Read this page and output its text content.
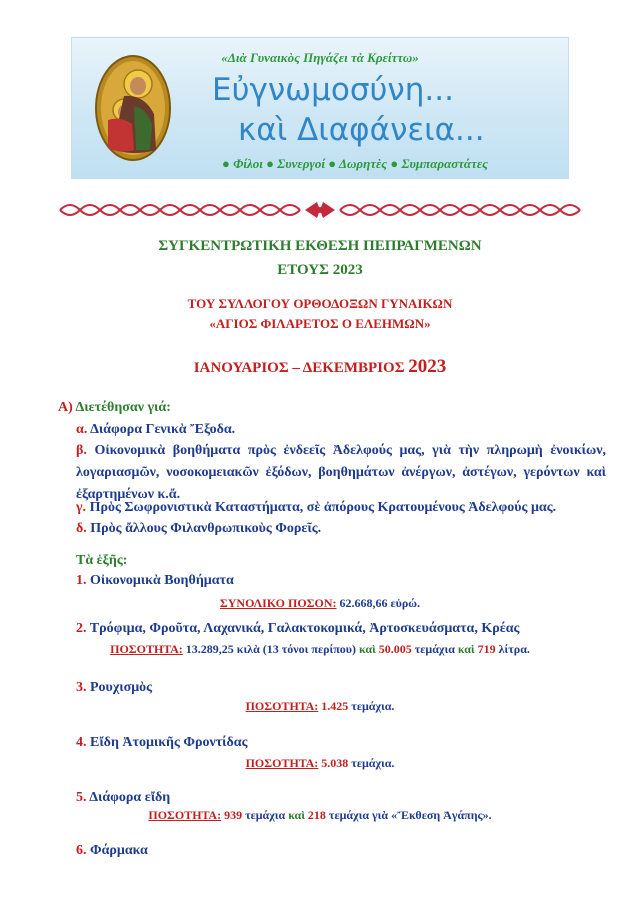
«Διὰ Γυναικὸς Πηγάζει τὰ Κρείττω»
Εὐγνωμοσύνη...
καὶ Διαφάνεια...
● Φίλοι ● Συνεργοί ● Δωρητὲς ● Συμπαραστάτες
ΣΥΓΚΕΝΤΡΩΤΙΚΗ ΕΚΘΕΣΗ ΠΕΠΡΑΓΜΕΝΩΝ
ΕΤΟΥΣ 2023
ΤΟΥ ΣΥΛΛΟΓΟΥ ΟΡΘΟΔΟΞΩΝ ΓΥΝΑΙΚΩΝ
«ΑΓΙΟΣ ΦΙΛΑΡΕΤΟΣ Ο ΕΛΕΗΜΩΝ»
ΙΑΝΟΥΑΡΙΟΣ – ΔΕΚΕΜΒΡΙΟΣ 2023
Α) Διετέθησαν γιά:
α. Διάφορα Γενικὰ Ἔξοδα.
β. Οἰκονομικὰ βοηθήματα πρὸς ἐνδεεῖς Ἀδελφούς μας, γιὰ τὴν πληρωμὴ ἐνοικίων, λογαριασμῶν, νοσοκομειακῶν ἐξόδων, βοηθημάτων ἀνέργων, ἀστέγων, γερόντων καὶ ἐξαρτημένων κ.ἄ.
γ. Πρὸς Σωφρονιστικὰ Καταστήματα, σὲ ἀπόρους Κρατουμένους Ἀδελφούς μας.
δ. Πρὸς ἄλλους Φιλανθρωπικοὺς Φορεῖς.
Τὰ ἑξῆς:
1. Οἰκονομικὰ Βοηθήματα
ΣΥΝΟΛΙΚΟ ΠΟΣΟΝ: 62.668,66 εὐρώ.
2. Τρόφιμα, Φροῦτα, Λαχανικά, Γαλακτοκομικά, Ἀρτοσκευάσματα, Κρέας
ΠΟΣΟΤΗΤΑ: 13.289,25 κιλὰ (13 τόνοι περίπου) καὶ 50.005 τεμάχια καὶ 719 λίτρα.
3. Ρουχισμὸς
ΠΟΣΟΤΗΤΑ: 1.425 τεμάχια.
4. Εἴδη Ἀτομικῆς Φροντίδας
ΠΟΣΟΤΗΤΑ: 5.038 τεμάχια.
5. Διάφορα εἴδη
ΠΟΣΟΤΗΤΑ: 939 τεμάχια καὶ 218 τεμάχια γιὰ «Ἔκθεση Ἀγάπης».
6. Φάρμακα
